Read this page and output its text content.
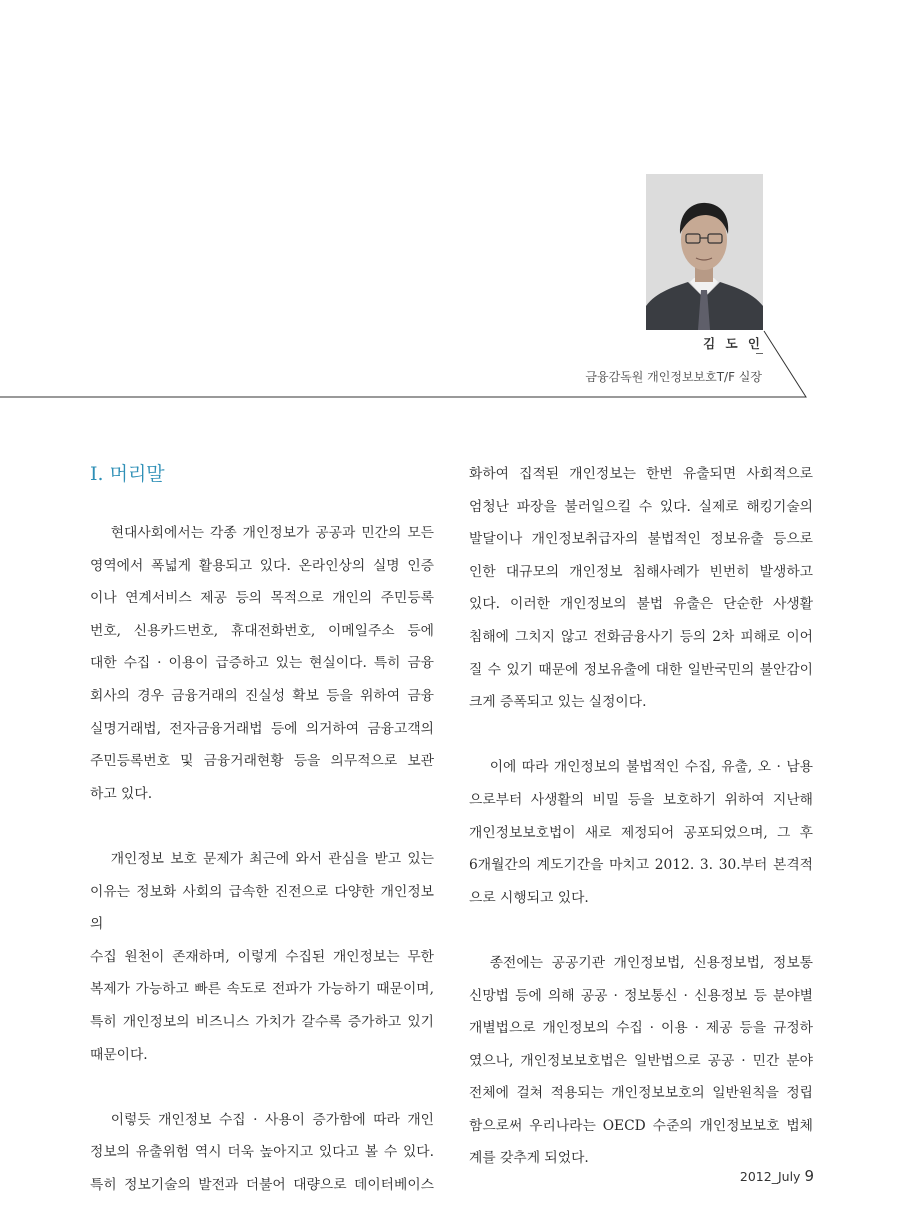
김 도 인
금융감독원 개인정보보호T/F 실장
Ⅰ. 머리말

현대사회에서는 각종 개인정보가 공공과 민간의 모든

영역에서 폭넓게 활용되고 있다. 온라인상의 실명 인증

이나 연계서비스 제공 등의 목적으로 개인의 주민등록

번호, 신용카드번호, 휴대전화번호, 이메일주소 등에

대한 수집 · 이용이 급증하고 있는 현실이다. 특히 금융

회사의 경우 금융거래의 진실성 확보 등을 위하여 금융

실명거래법, 전자금융거래법 등에 의거하여 금융고객의

주민등록번호 및 금융거래현황 등을 의무적으로 보관

하고 있다.

개인정보 보호 문제가 최근에 와서 관심을 받고 있는

이유는 정보화 사회의 급속한 진전으로 다양한 개인정보의

수집 원천이 존재하며, 이렇게 수집된 개인정보는 무한

복제가 가능하고 빠른 속도로 전파가 가능하기 때문이며,

특히 개인정보의 비즈니스 가치가 갈수록 증가하고 있기

때문이다.

이렇듯 개인정보 수집 · 사용이 증가함에 따라 개인

정보의 유출위험 역시 더욱 높아지고 있다고 볼 수 있다.

특히 정보기술의 발전과 더불어 대량으로 데이터베이스

화하여 집적된 개인정보는 한번 유출되면 사회적으로

엄청난 파장을 불러일으킬 수 있다. 실제로 해킹기술의

발달이나 개인정보취급자의 불법적인 정보유출 등으로

인한 대규모의 개인정보 침해사례가 빈번히 발생하고

있다. 이러한 개인정보의 불법 유출은 단순한 사생활

침해에 그치지 않고 전화금융사기 등의 2차 피해로 이어

질 수 있기 때문에 정보유출에 대한 일반국민의 불안감이

크게 증폭되고 있는 실정이다.

이에 따라 개인정보의 불법적인 수집, 유출, 오 · 남용

으로부터 사생활의 비밀 등을 보호하기 위하여 지난해

개인정보보호법이 새로 제정되어 공포되었으며, 그 후

6개월간의 계도기간을 마치고 2012. 3. 30.부터 본격적

으로 시행되고 있다.

종전에는 공공기관 개인정보법, 신용정보법, 정보통

신망법 등에 의해 공공 · 정보통신 · 신용정보 등 분야별

개별법으로 개인정보의 수집 · 이용 · 제공 등을 규정하

였으나, 개인정보보호법은 일반법으로 공공 · 민간 분야

전체에 걸쳐 적용되는 개인정보보호의 일반원칙을 정립

함으로써 우리나라는 OECD 수준의 개인정보보호 법체

계를 갖추게 되었다.

2012_July 9
